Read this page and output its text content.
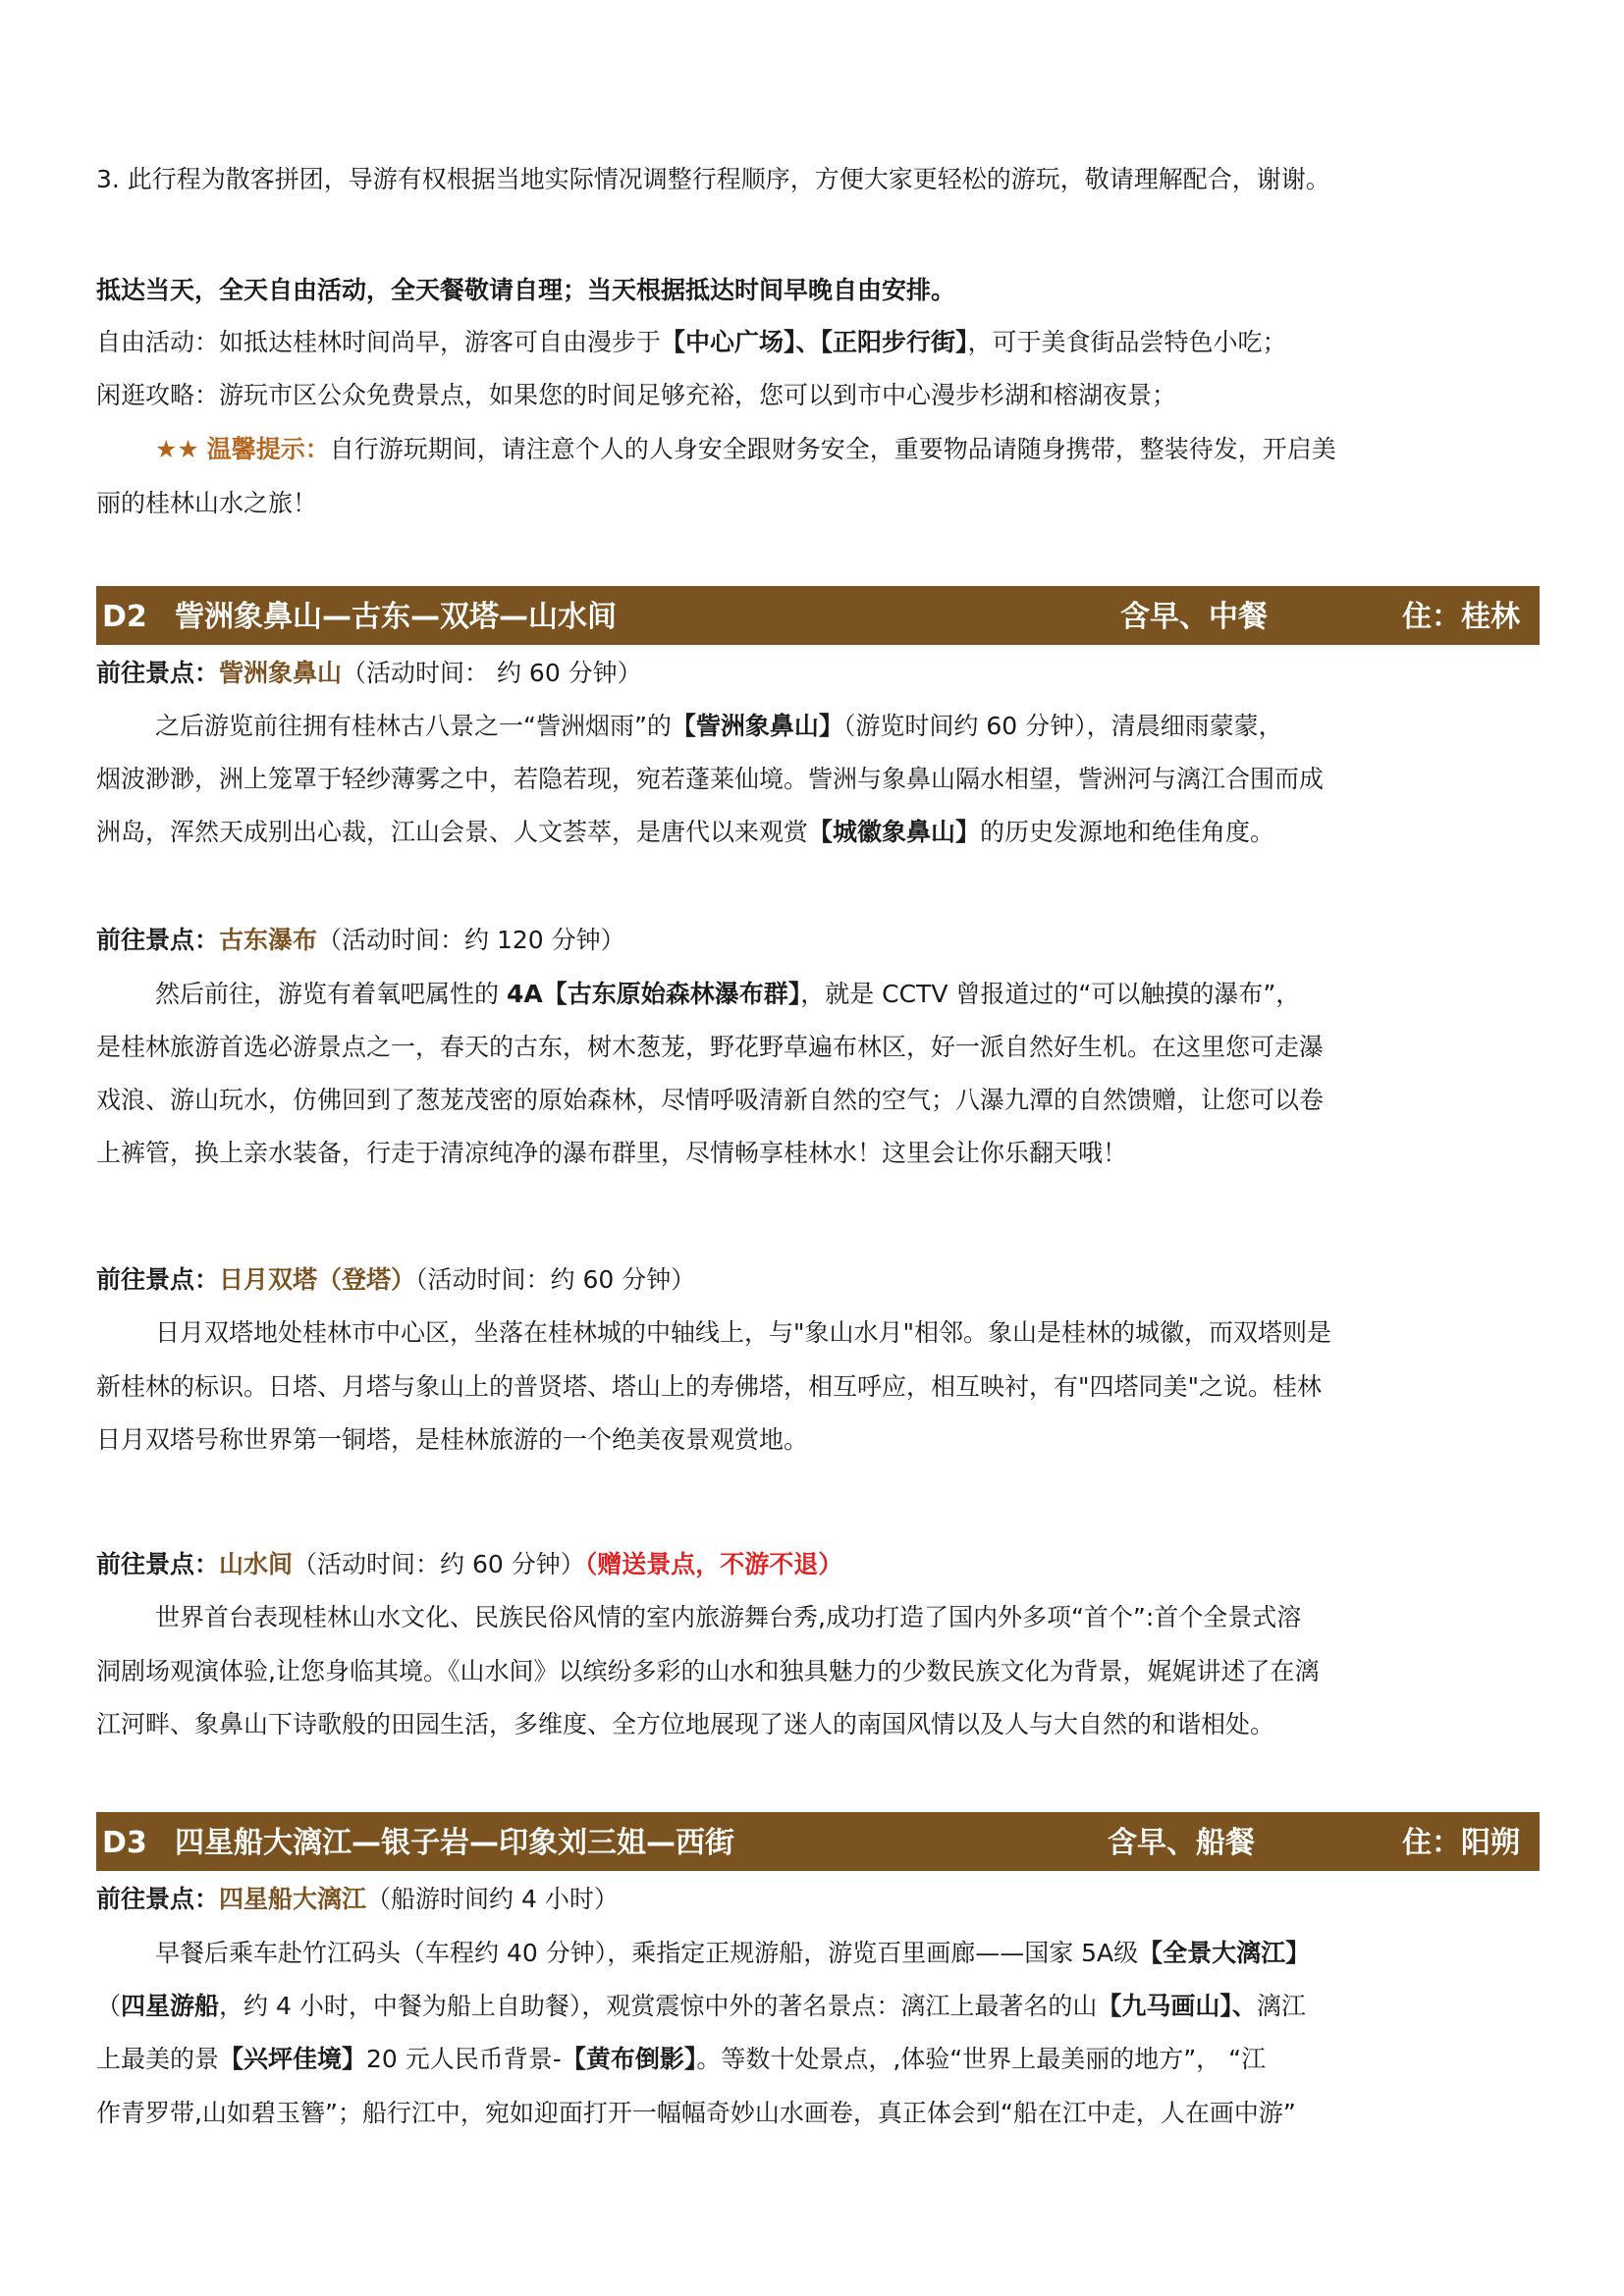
3. 此行程为散客拼团，导游有权根据当地实际情况调整行程顺序，方便大家更轻松的游玩，敬请理解配合，谢谢。
抵达当天，全天自由活动，全天餐敬请自理；当天根据抵达时间早晚自由安排。
自由活动：如抵达桂林时间尚早，游客可自由漫步于【中心广场】、【正阳步行街】，可于美食街品尝特色小吃；
闲逛攻略：游玩市区公众免费景点，如果您的时间足够充裕，您可以到市中心漫步杉湖和榕湖夜景；
★★ 温馨提示：自行游玩期间，请注意个人的人身安全跟财务安全，重要物品请随身携带，整装待发，开启美
丽的桂林山水之旅！
D2 訾洲象鼻山—古东—双塔—山水间	含早、中餐	住：桂林
前往景点：訾洲象鼻山（活动时间： 约 60 分钟）
之后游览前往拥有桂林古八景之一“訾洲烟雨”的【訾洲象鼻山】（游览时间约 60 分钟），清晨细雨蒙蒙，
烟波渺渺，洲上笼罩于轻纱薄雾之中，若隐若现，宛若蓬莱仙境。訾洲与象鼻山隔水相望，訾洲河与漓江合围而成
洲岛，浑然天成别出心裁，江山会景、人文荟萃，是唐代以来观赏【城徽象鼻山】的历史发源地和绝佳角度。
前往景点：古东瀑布（活动时间：约 120 分钟）
然后前往，游览有着氧吧属性的 4A【古东原始森林瀑布群】，就是 CCTV 曾报道过的“可以触摸的瀑布”，
是桂林旅游首选必游景点之一，春天的古东，树木葱茏，野花野草遍布林区，好一派自然好生机。在这里您可走瀑
戏浪、游山玩水，仿佛回到了葱茏茂密的原始森林，尽情呼吸清新自然的空气；八瀑九潭的自然馈赠，让您可以卷
上裤管，换上亲水装备，行走于清凉纯净的瀑布群里，尽情畅享桂林水！这里会让你乐翻天哦！
前往景点：日月双塔（登塔）（活动时间：约 60 分钟）
日月双塔地处桂林市中心区，坐落在桂林城的中轴线上，与"象山水月"相邻。象山是桂林的城徽，而双塔则是
新桂林的标识。日塔、月塔与象山上的普贤塔、塔山上的寿佛塔，相互呼应，相互映衬，有"四塔同美"之说。桂林
日月双塔号称世界第一铜塔，是桂林旅游的一个绝美夜景观赏地。
前往景点：山水间（活动时间：约 60 分钟）（赠送景点，不游不退）
世界首台表现桂林山水文化、民族民俗风情的室内旅游舞台秀,成功打造了国内外多项“首个”:首个全景式溶
洞剧场观演体验,让您身临其境。《山水间》以缤纷多彩的山水和独具魅力的少数民族文化为背景，娓娓讲述了在漓
江河畔、象鼻山下诗歌般的田园生活，多维度、全方位地展现了迷人的南国风情以及人与大自然的和谐相处。
D3 四星船大漓江—银子岩—印象刘三姐—西街	含早、船餐	住：阳朔
前往景点：四星船大漓江（船游时间约 4 小时）
早餐后乘车赴竹江码头（车程约 40 分钟），乘指定正规游船，游览百里画廊——国家 5A级【全景大漓江】
（四星游船，约 4 小时，中餐为船上自助餐），观赏震惊中外的著名景点：漓江上最著名的山【九马画山】、漓江
上最美的景【兴坪佳境】20 元人民币背景-【黄布倒影】。等数十处景点，,体验“世界上最美丽的地方”， “江
作青罗带,山如碧玉簪”；船行江中，宛如迎面打开一幅幅奇妙山水画卷，真正体会到“船在江中走，人在画中游”
